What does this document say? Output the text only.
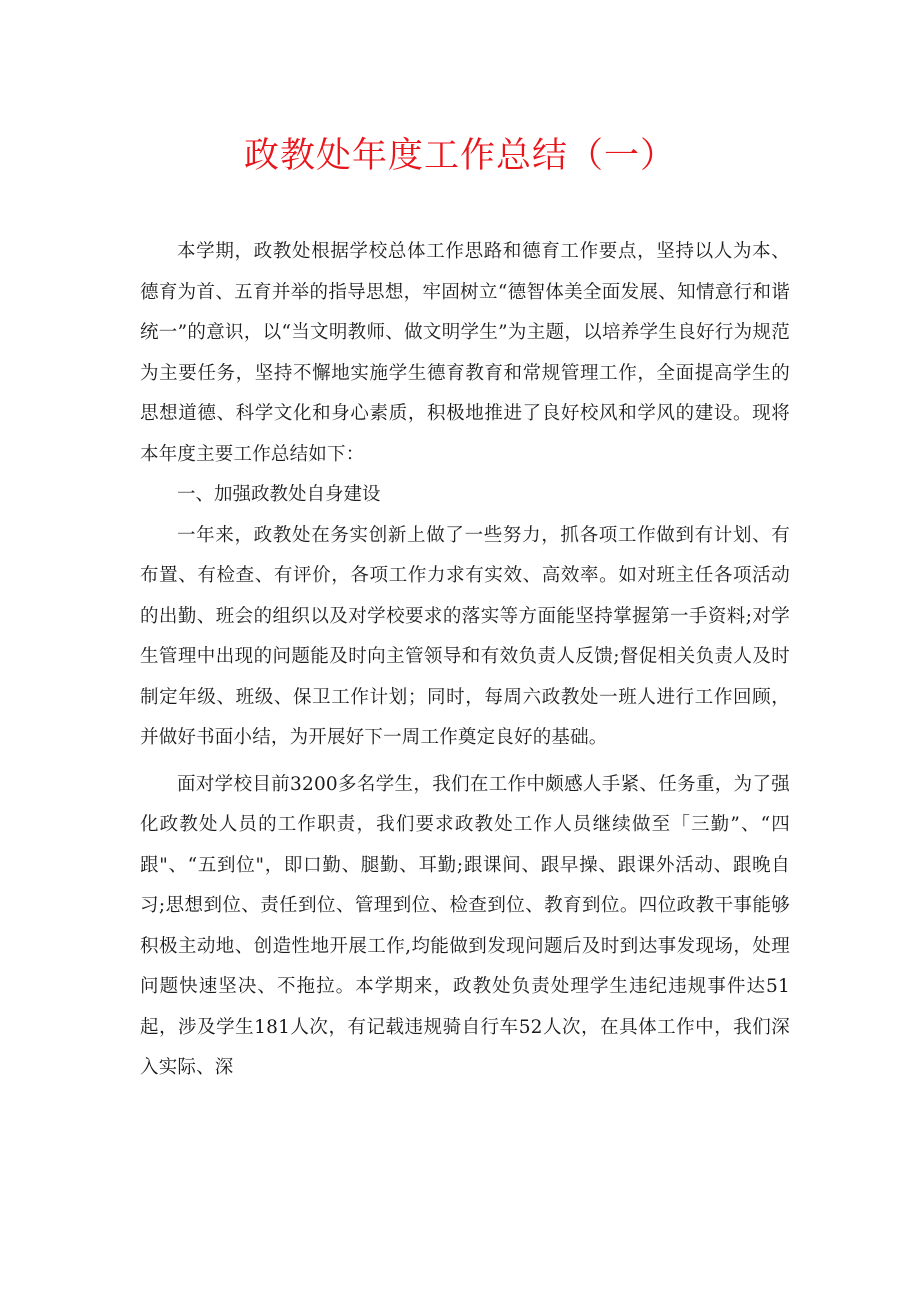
政教处年度工作总结（一）

本学期，政教处根据学校总体工作思路和德育工作要点，坚持以人为本、德育为首、五育并举的指导思想，牢固树立“德智体美全面发展、知情意行和谐统一”的意识，以“当文明教师、做文明学生”为主题，以培养学生良好行为规范为主要任务，坚持不懈地实施学生德育教育和常规管理工作，全面提高学生的思想道德、科学文化和身心素质，积极地推进了良好校风和学风的建设。现将本年度主要工作总结如下：

一、加强政教处自身建设

一年来，政教处在务实创新上做了一些努力，抓各项工作做到有计划、有布置、有检查、有评价，各项工作力求有实效、高效率。如对班主任各项活动的出勤、班会的组织以及对学校要求的落实等方面能坚持掌握第一手资料;对学生管理中出现的问题能及时向主管领导和有效负责人反馈;督促相关负责人及时制定年级、班级、保卫工作计划；同时，每周六政教处一班人进行工作回顾，并做好书面小结，为开展好下一周工作奠定良好的基础。

面对学校目前3200多名学生，我们在工作中颇感人手紧、任务重，为了强化政教处人员的工作职责，我们要求政教处工作人员继续做至「三勤”、“四跟"、“五到位"，即口勤、腿勤、耳勤;跟课间、跟早操、跟课外活动、跟晚自习;思想到位、责任到位、管理到位、检查到位、教育到位。四位政教干事能够积极主动地、创造性地开展工作,均能做到发现问题后及时到达事发现场，处理问题快速坚决、不拖拉。本学期来，政教处负责处理学生违纪违规事件达51起，涉及学生181人次，有记载违规骑自行车52人次，在具体工作中，我们深入实际、深
